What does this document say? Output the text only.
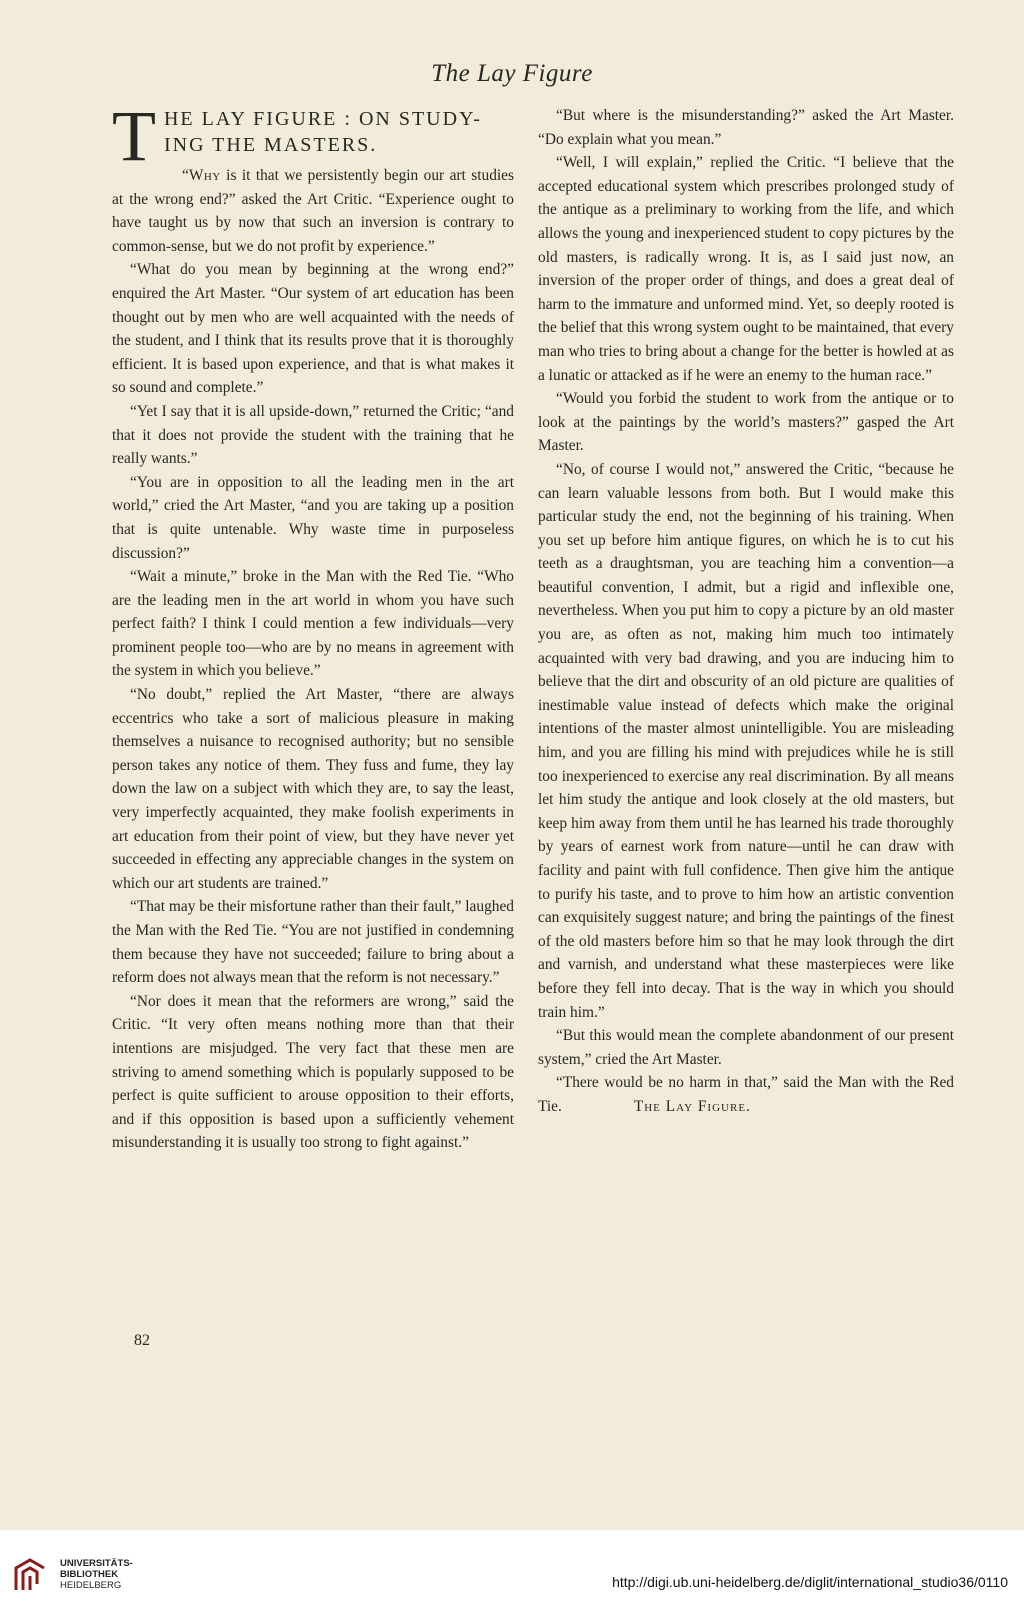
The Lay Figure
T HE LAY FIGURE : ON STUDY-
ING THE MASTERS.

“Why is it that we persistently begin our art studies at the wrong end?” asked the Art Critic. “Experience ought to have taught us by now that such an inversion is contrary to common-sense, but we do not profit by experience.”

“What do you mean by beginning at the wrong end?” enquired the Art Master. “Our system of art education has been thought out by men who are well acquainted with the needs of the student, and I think that its results prove that it is thoroughly efficient. It is based upon experience, and that is what makes it so sound and complete.”

“Yet I say that it is all upside-down,” returned the Critic; “and that it does not provide the student with the training that he really wants.”

“You are in opposition to all the leading men in the art world,” cried the Art Master, “and you are taking up a position that is quite untenable. Why waste time in purposeless discussion?”

“Wait a minute,” broke in the Man with the Red Tie. “Who are the leading men in the art world in whom you have such perfect faith? I think I could mention a few individuals—very prominent people too—who are by no means in agreement with the system in which you believe.”

“No doubt,” replied the Art Master, “there are always eccentrics who take a sort of malicious pleasure in making themselves a nuisance to recognised authority; but no sensible person takes any notice of them. They fuss and fume, they lay down the law on a subject with which they are, to say the least, very imperfectly acquainted, they make foolish experiments in art education from their point of view, but they have never yet succeeded in effecting any appreciable changes in the system on which our art students are trained.”

“That may be their misfortune rather than their fault,” laughed the Man with the Red Tie. “You are not justified in condemning them because they have not succeeded; failure to bring about a reform does not always mean that the reform is not necessary.”

“Nor does it mean that the reformers are wrong,” said the Critic. “It very often means nothing more than that their intentions are misjudged. The very fact that these men are striving to amend something which is popularly supposed to be perfect is quite sufficient to arouse opposition to their efforts, and if this opposition is based upon a sufficiently vehement misunderstanding it is usually too strong to fight against.”

“But where is the misunderstanding?” asked the Art Master. “Do explain what you mean.”

“Well, I will explain,” replied the Critic. “I believe that the accepted educational system which prescribes prolonged study of the antique as a preliminary to working from the life, and which allows the young and inexperienced student to copy pictures by the old masters, is radically wrong. It is, as I said just now, an inversion of the proper order of things, and does a great deal of harm to the immature and unformed mind. Yet, so deeply rooted is the belief that this wrong system ought to be maintained, that every man who tries to bring about a change for the better is howled at as a lunatic or attacked as if he were an enemy to the human race.”

“Would you forbid the student to work from the antique or to look at the paintings by the world’s masters?” gasped the Art Master.

“No, of course I would not,” answered the Critic, “because he can learn valuable lessons from both. But I would make this particular study the end, not the beginning of his training. When you set up before him antique figures, on which he is to cut his teeth as a draughtsman, you are teaching him a convention—a beautiful convention, I admit, but a rigid and inflexible one, nevertheless. When you put him to copy a picture by an old master you are, as often as not, making him much too intimately acquainted with very bad drawing, and you are inducing him to believe that the dirt and obscurity of an old picture are qualities of inestimable value instead of defects which make the original intentions of the master almost unintelligible. You are misleading him, and you are filling his mind with prejudices while he is still too inexperienced to exercise any real discrimination. By all means let him study the antique and look closely at the old masters, but keep him away from them until he has learned his trade thoroughly by years of earnest work from nature—until he can draw with facility and paint with full confidence. Then give him the antique to purify his taste, and to prove to him how an artistic convention can exquisitely suggest nature; and bring the paintings of the finest of the old masters before him so that he may look through the dirt and varnish, and understand what these masterpieces were like before they fell into decay. That is the way in which you should train him.”

“But this would mean the complete abandonment of our present system,” cried the Art Master.

“There would be no harm in that,” said the Man with the Red Tie.	The Lay Figure.

82
UNIVERSITÄTS-
BIBLIOTHEK
HEIDELBERG	http://digi.ub.uni-heidelberg.de/diglit/international_studio36/0110
